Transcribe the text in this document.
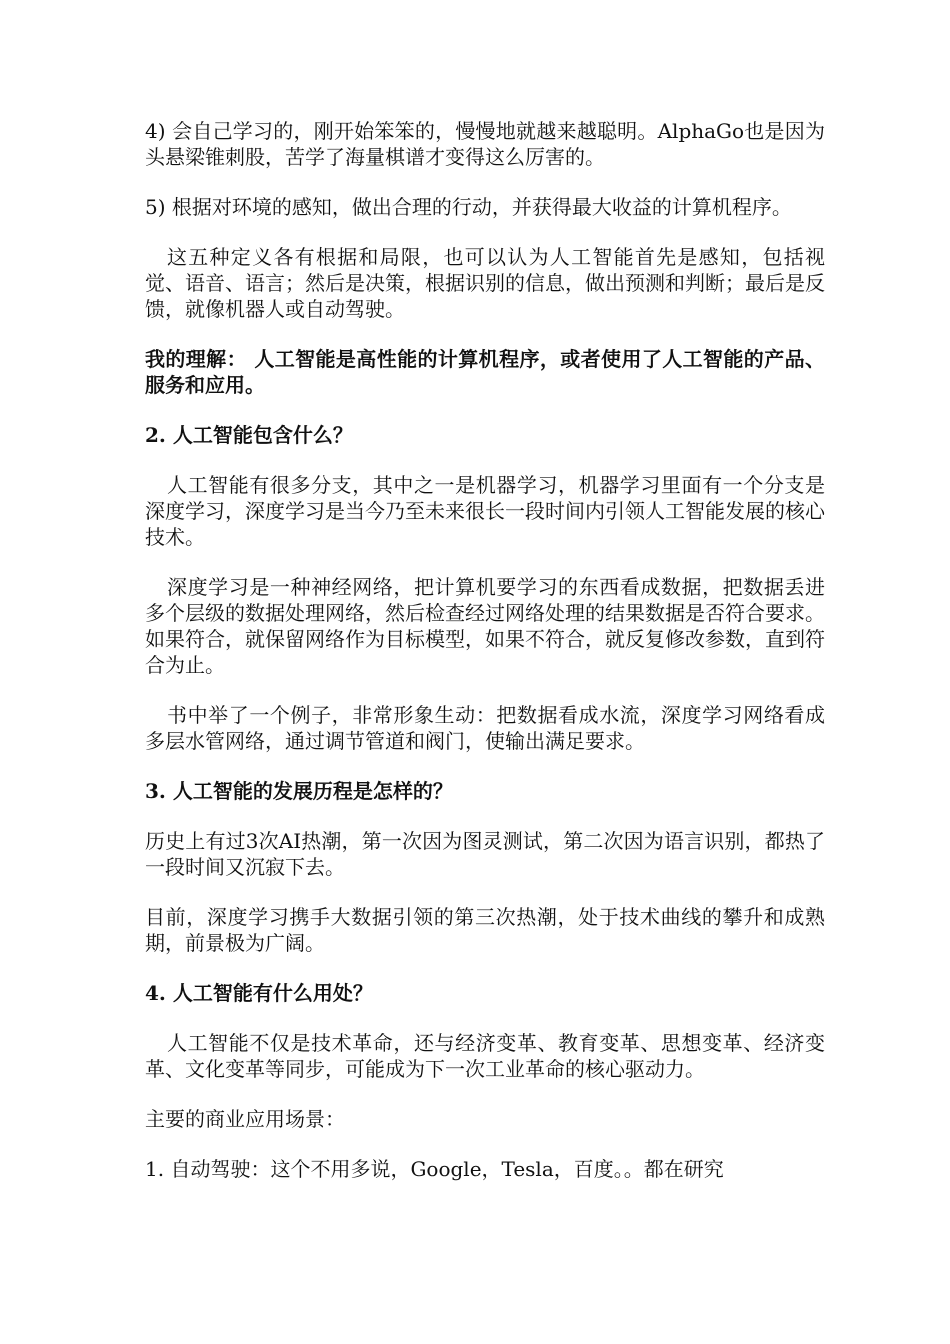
4) 会自己学习的，刚开始笨笨的，慢慢地就越来越聪明。AlphaGo也是因为头悬梁锥刺股，苦学了海量棋谱才变得这么厉害的。

5) 根据对环境的感知，做出合理的行动，并获得最大收益的计算机程序。

这五种定义各有根据和局限，也可以认为人工智能首先是感知，包括视觉、语音、语言；然后是决策，根据识别的信息，做出预测和判断；最后是反馈，就像机器人或自动驾驶。

我的理解： 人工智能是高性能的计算机程序，或者使用了人工智能的产品、服务和应用。

2. 人工智能包含什么？

人工智能有很多分支，其中之一是机器学习，机器学习里面有一个分支是深度学习，深度学习是当今乃至未来很长一段时间内引领人工智能发展的核心技术。

深度学习是一种神经网络，把计算机要学习的东西看成数据，把数据丢进多个层级的数据处理网络，然后检查经过网络处理的结果数据是否符合要求。如果符合，就保留网络作为目标模型，如果不符合，就反复修改参数，直到符合为止。

书中举了一个例子，非常形象生动：把数据看成水流，深度学习网络看成多层水管网络，通过调节管道和阀门，使输出满足要求。

3. 人工智能的发展历程是怎样的？

历史上有过3次AI热潮，第一次因为图灵测试，第二次因为语言识别，都热了一段时间又沉寂下去。

目前，深度学习携手大数据引领的第三次热潮，处于技术曲线的攀升和成熟期，前景极为广阔。

4. 人工智能有什么用处？

人工智能不仅是技术革命，还与经济变革、教育变革、思想变革、经济变革、文化变革等同步，可能成为下一次工业革命的核心驱动力。

主要的商业应用场景：

1. 自动驾驶：这个不用多说，Google，Tesla，百度。。都在研究
